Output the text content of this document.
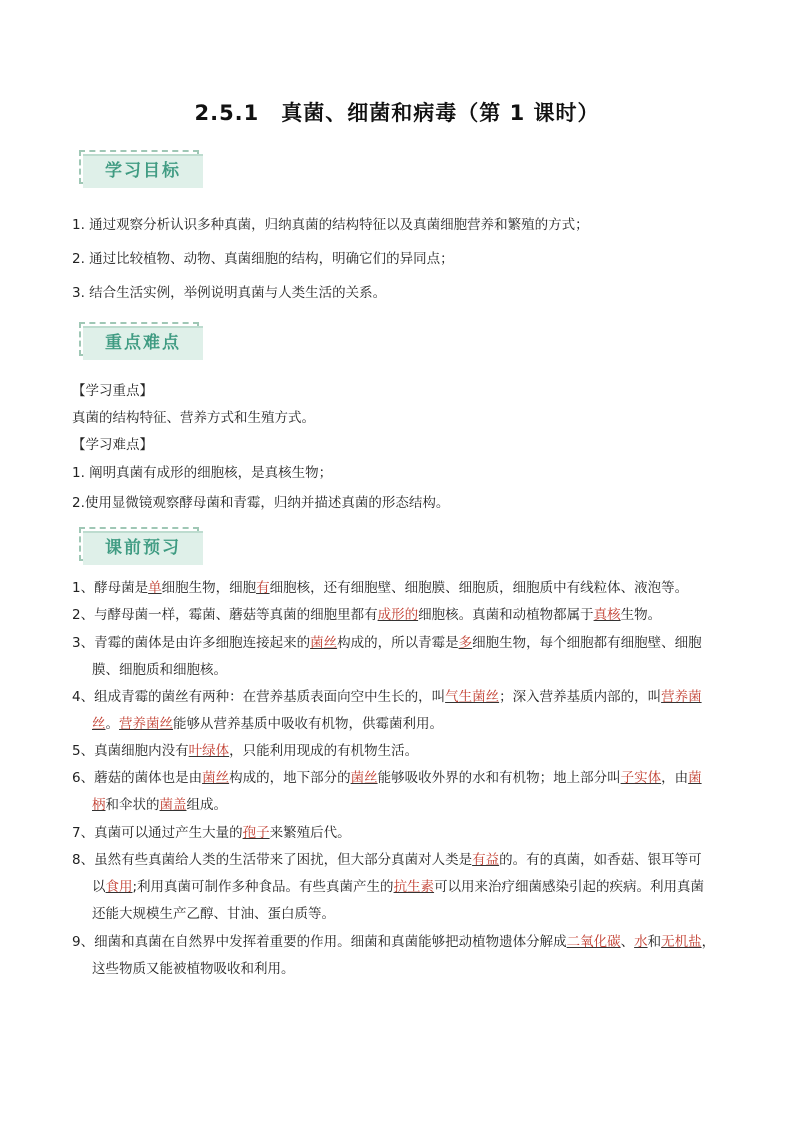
2.5.1　真菌、细菌和病毒（第 1 课时）
学习目标
1. 通过观察分析认识多种真菌，归纳真菌的结构特征以及真菌细胞营养和繁殖的方式；
2. 通过比较植物、动物、真菌细胞的结构，明确它们的异同点；
3. 结合生活实例，举例说明真菌与人类生活的关系。
重点难点
【学习重点】
真菌的结构特征、营养方式和生殖方式。
【学习难点】
1. 阐明真菌有成形的细胞核，是真核生物；
2.使用显微镜观察酵母菌和青霉，归纳并描述真菌的形态结构。
课前预习
1、酵母菌是单细胞生物，细胞有细胞核，还有细胞壁、细胞膜、细胞质，细胞质中有线粒体、液泡等。
2、与酵母菌一样，霉菌、蘑菇等真菌的细胞里都有成形的细胞核。真菌和动植物都属于真核生物。
3、青霉的菌体是由许多细胞连接起来的菌丝构成的，所以青霉是多细胞生物，每个细胞都有细胞壁、细胞
膜、细胞质和细胞核。
4、组成青霉的菌丝有两种：在营养基质表面向空中生长的，叫气生菌丝；深入营养基质内部的，叫营养菌
丝。营养菌丝能够从营养基质中吸收有机物，供霉菌利用。
5、真菌细胞内没有叶绿体，只能利用现成的有机物生活。
6、蘑菇的菌体也是由菌丝构成的，地下部分的菌丝能够吸收外界的水和有机物；地上部分叫子实体，由菌
柄和伞状的菌盖组成。
7、真菌可以通过产生大量的孢子来繁殖后代。
8、虽然有些真菌给人类的生活带来了困扰，但大部分真菌对人类是有益的。有的真菌，如香菇、银耳等可
以食用;利用真菌可制作多种食品。有些真菌产生的抗生素可以用来治疗细菌感染引起的疾病。利用真菌
还能大规模生产乙醇、甘油、蛋白质等。
9、细菌和真菌在自然界中发挥着重要的作用。细菌和真菌能够把动植物遗体分解成二氧化碳、水和无机盐，
这些物质又能被植物吸收和利用。
